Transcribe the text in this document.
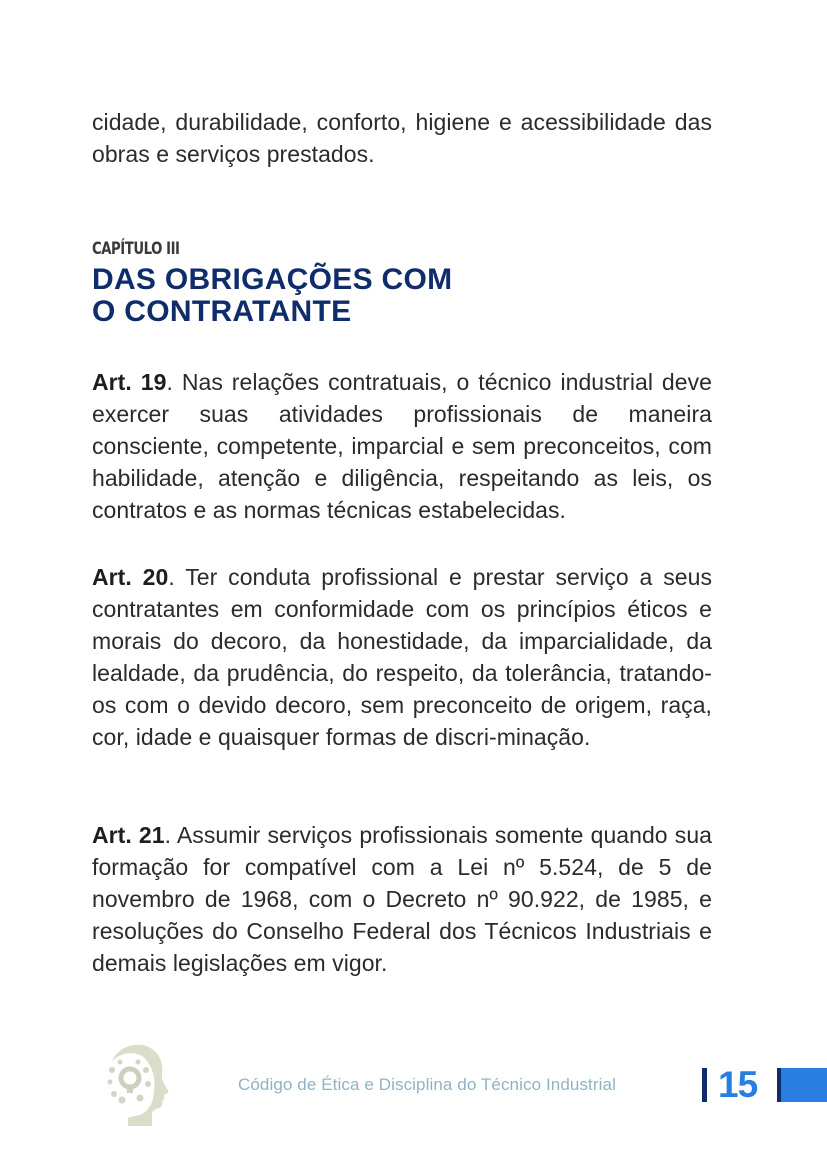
cidade, durabilidade, conforto, higiene e acessibilidade das obras e serviços prestados.

CAPÍTULO III
DAS OBRIGAÇÕES COM
O CONTRATANTE

Art. 19. Nas relações contratuais, o técnico industrial deve exercer suas atividades profissionais de maneira consciente, competente, imparcial e sem preconceitos, com habilidade, atenção e diligência, respeitando as leis, os contratos e as normas técnicas estabelecidas.

Art. 20. Ter conduta profissional e prestar serviço a seus contratantes em conformidade com os princípios éticos e morais do decoro, da honestidade, da imparcialidade, da lealdade, da prudência, do respeito, da tolerância, tratando-os com o devido decoro, sem preconceito de origem, raça, cor, idade e quaisquer formas de discri-minação.

Art. 21. Assumir serviços profissionais somente quando sua formação for compatível com a Lei nº 5.524, de 5 de novembro de 1968, com o Decreto nº 90.922, de 1985, e resoluções do Conselho Federal dos Técnicos Industriais e demais legislações em vigor.

Código de Ética e Disciplina do Técnico Industrial	15
